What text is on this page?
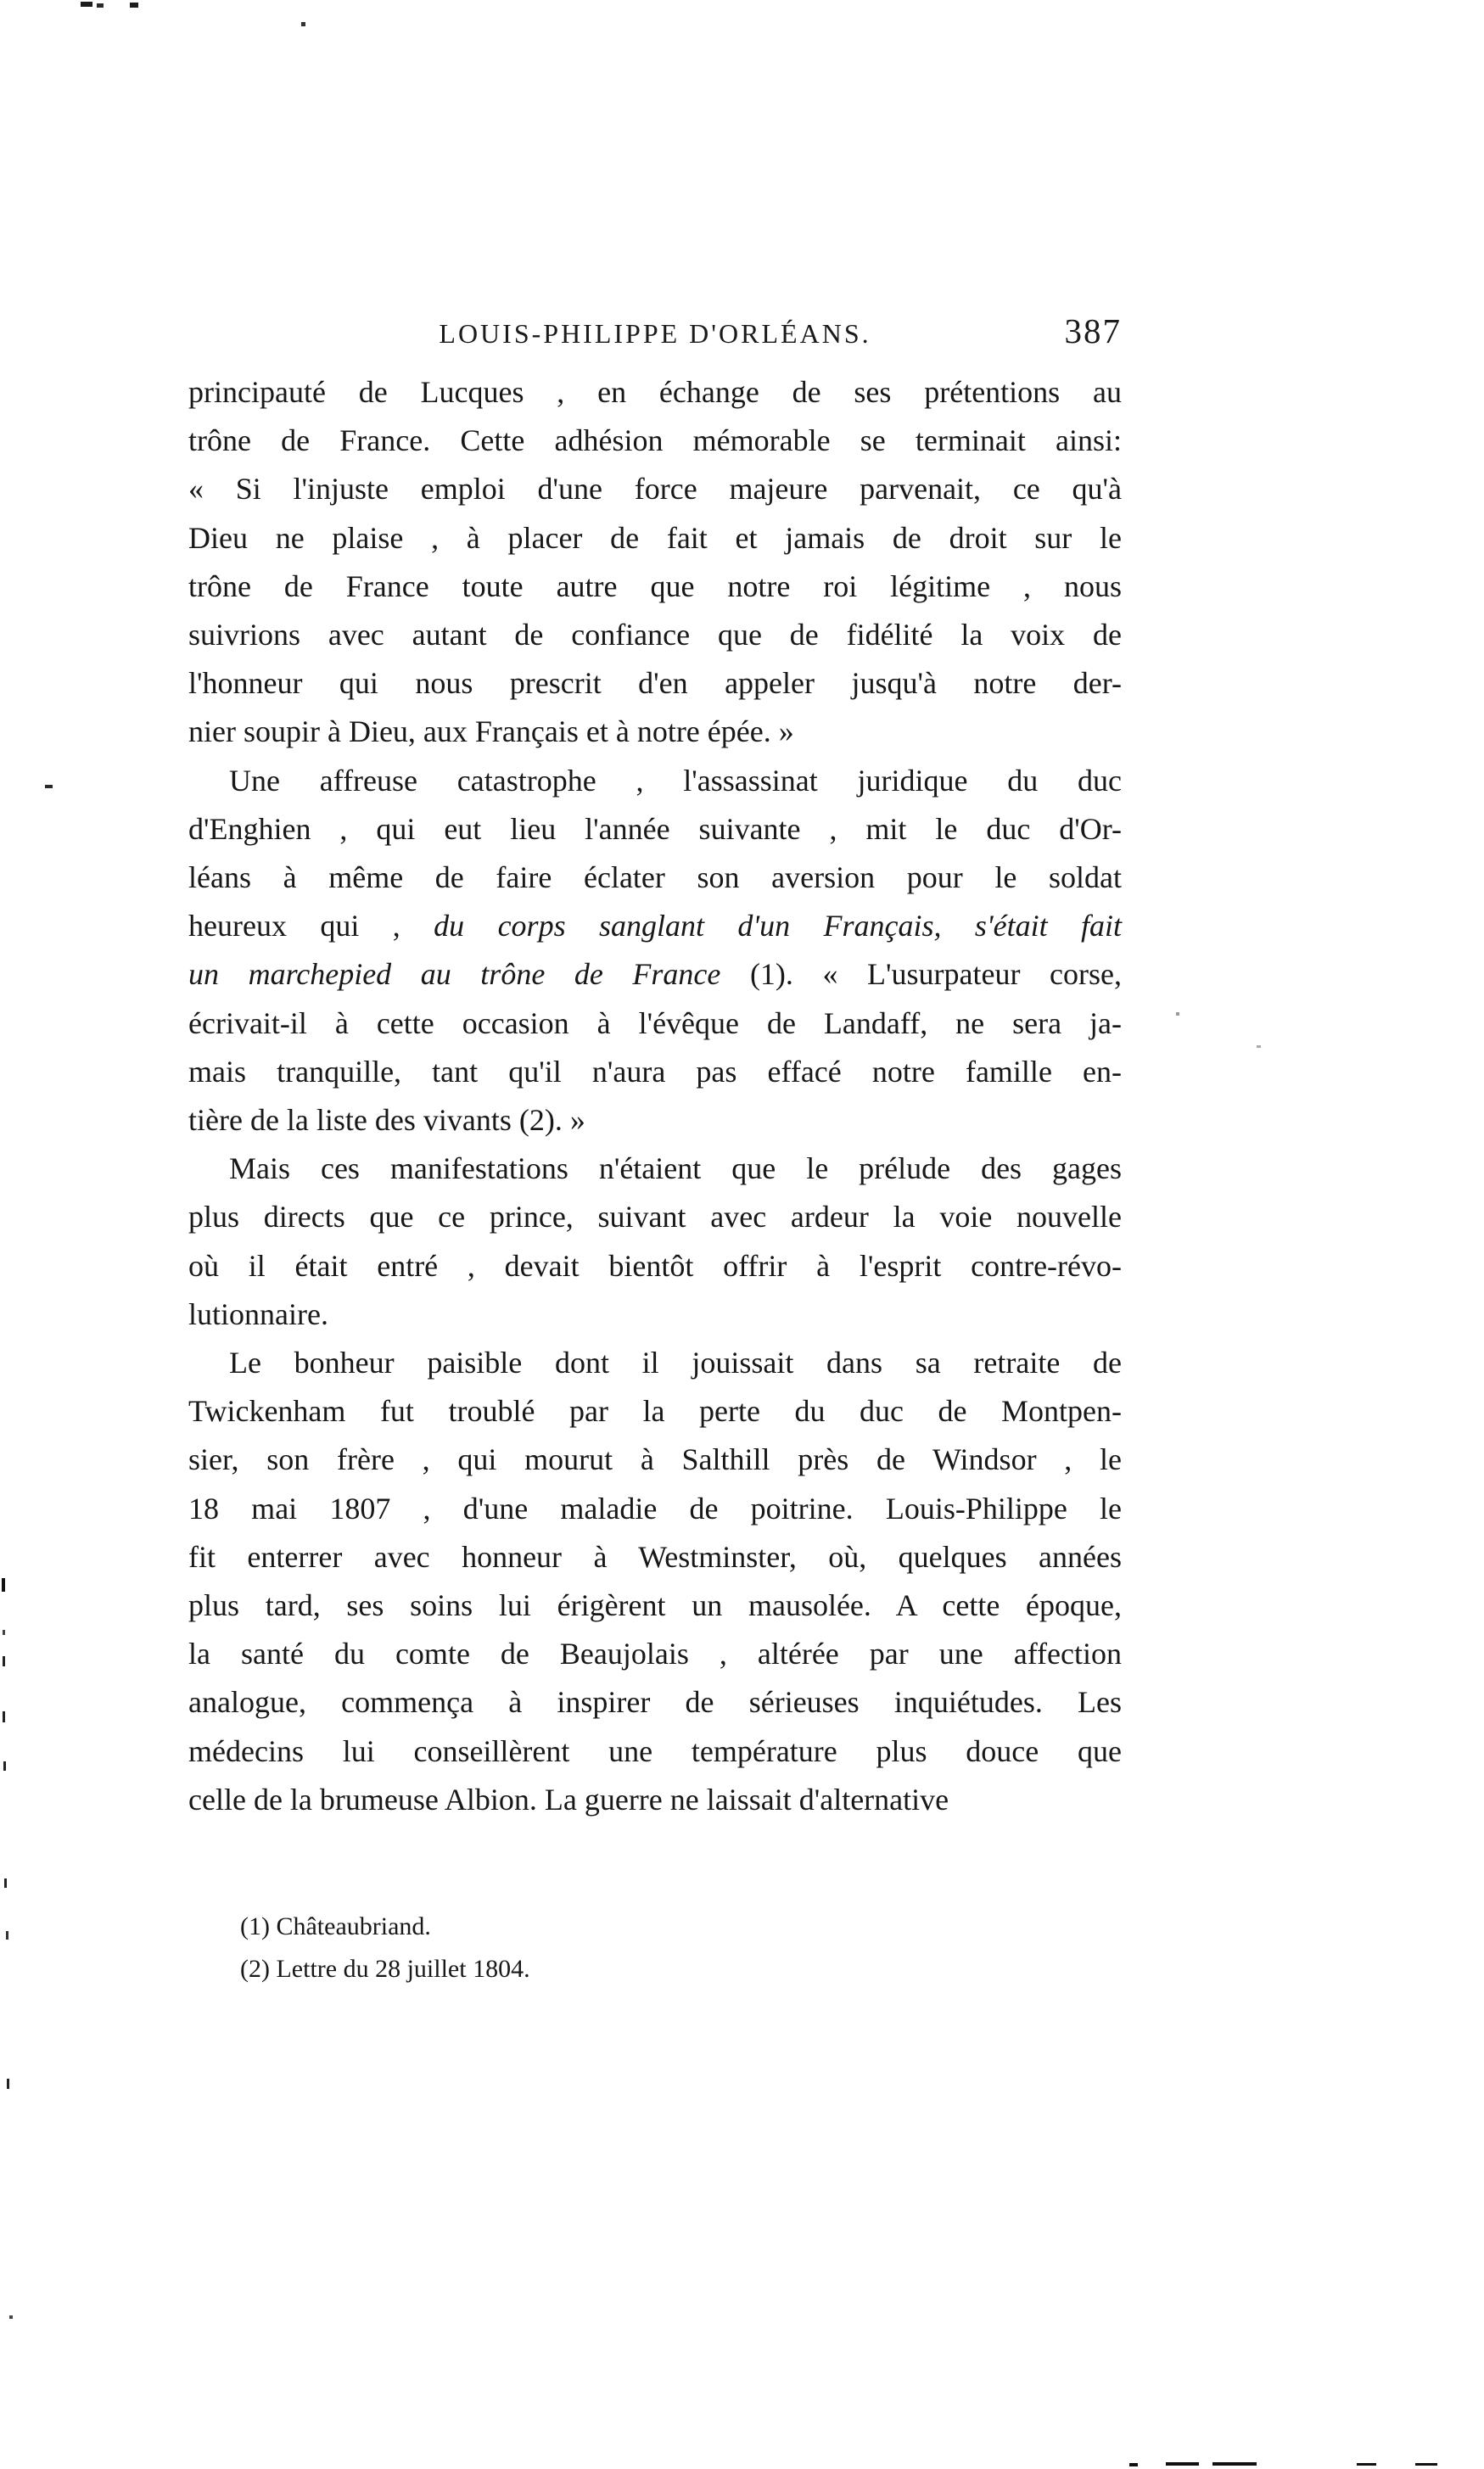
LOUIS-PHILIPPE D'ORLÉANS.	387
principauté de Lucques , en échange de ses prétentions au
trône de France. Cette adhésion mémorable se terminait ainsi:
« Si l'injuste emploi d'une force majeure parvenait, ce qu'à
Dieu ne plaise , à placer de fait et jamais de droit sur le
trône de France toute autre que notre roi légitime , nous
suivrions avec autant de confiance que de fidélité la voix de
l'honneur qui nous prescrit d'en appeler jusqu'à notre der-
nier soupir à Dieu, aux Français et à notre épée. »
Une affreuse catastrophe , l'assassinat juridique du duc
d'Enghien , qui eut lieu l'année suivante , mit le duc d'Or-
léans à même de faire éclater son aversion pour le soldat
heureux qui , du corps sanglant d'un Français, s'était fait
un marchepied au trône de France (1). « L'usurpateur corse,
écrivait-il à cette occasion à l'évêque de Landaff, ne sera ja-
mais tranquille, tant qu'il n'aura pas effacé notre famille en-
tière de la liste des vivants (2). »
Mais ces manifestations n'étaient que le prélude des gages
plus directs que ce prince, suivant avec ardeur la voie nouvelle
où il était entré , devait bientôt offrir à l'esprit contre-révo-
lutionnaire.
Le bonheur paisible dont il jouissait dans sa retraite de
Twickenham fut troublé par la perte du duc de Montpen-
sier, son frère , qui mourut à Salthill près de Windsor , le
18 mai 1807 , d'une maladie de poitrine. Louis-Philippe le
fit enterrer avec honneur à Westminster, où, quelques années
plus tard, ses soins lui érigèrent un mausolée. A cette époque,
la santé du comte de Beaujolais , altérée par une affection
analogue, commença à inspirer de sérieuses inquiétudes. Les
médecins lui conseillèrent une température plus douce que
celle de la brumeuse Albion. La guerre ne laissait d'alternative
(1) Châteaubriand.
(2) Lettre du 28 juillet 1804.
